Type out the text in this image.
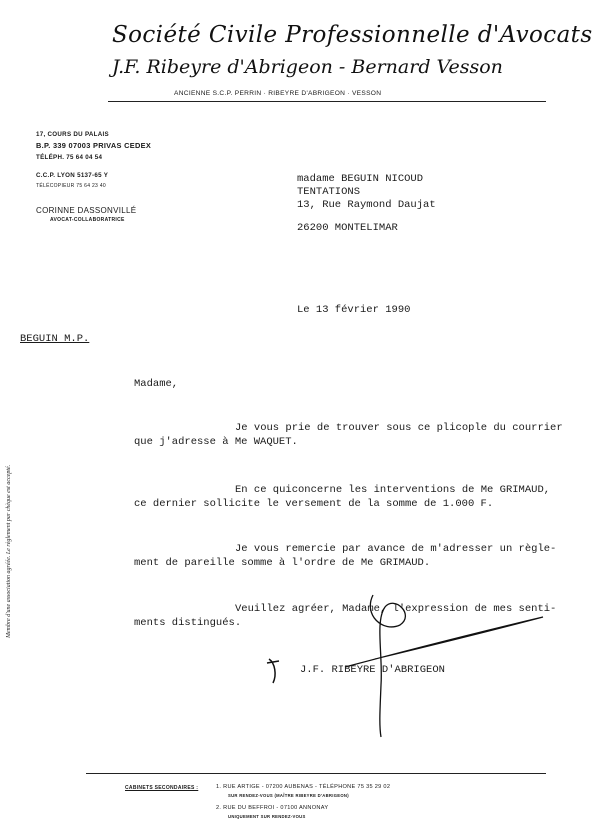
Société Civile Professionnelle d'Avocats
J.F. Ribeyre d'Abrigeon - Bernard Vesson
ANCIENNE S.C.P. PERRIN · RIBEYRE D'ABRIGEON · VESSON
17, COURS DU PALAIS
B.P. 339 07003 PRIVAS CEDEX
TÉLÉPH. 75 64 04 54
C.C.P. LYON 5137-65 Y
TÉLÉCOPIEUR 75 64 23 40
CORINNE DASSONVILLÉ
AVOCAT-COLLABORATRICE
madame BEGUIN NICOUD
TENTATIONS
13, Rue Raymond Daujat
26200 MONTELIMAR
Le 13 février 1990
BEGUIN M.P.
Madame,
Je vous prie de trouver sous ce plicople du courrier
que j'adresse à Me WAQUET.
En ce quiconcerne les interventions de Me GRIMAUD,
ce dernier sollicite le versement de la somme de 1.000 F.
Je vous remercie par avance de m'adresser un règle-
ment de pareille somme à l'ordre de Me GRIMAUD.
Veuillez agréer, Madame, l'expression de mes senti-
ments distingués.
J.F. RIBEYRE D'ABRIGEON
Membre d'une association agréée. Le règlement par chèque est accepté.
CABINETS SECONDAIRES :	1. RUE ARTIGE - 07200 AUBENAS - TÉLÉPHONE 75 35 29 02
SUR RENDEZ-VOUS (MAÎTRE RIBEYRE D'ABRIGEON)
2. RUE DU BEFFROI - 07100 ANNONAY
UNIQUEMENT SUR RENDEZ-VOUS
